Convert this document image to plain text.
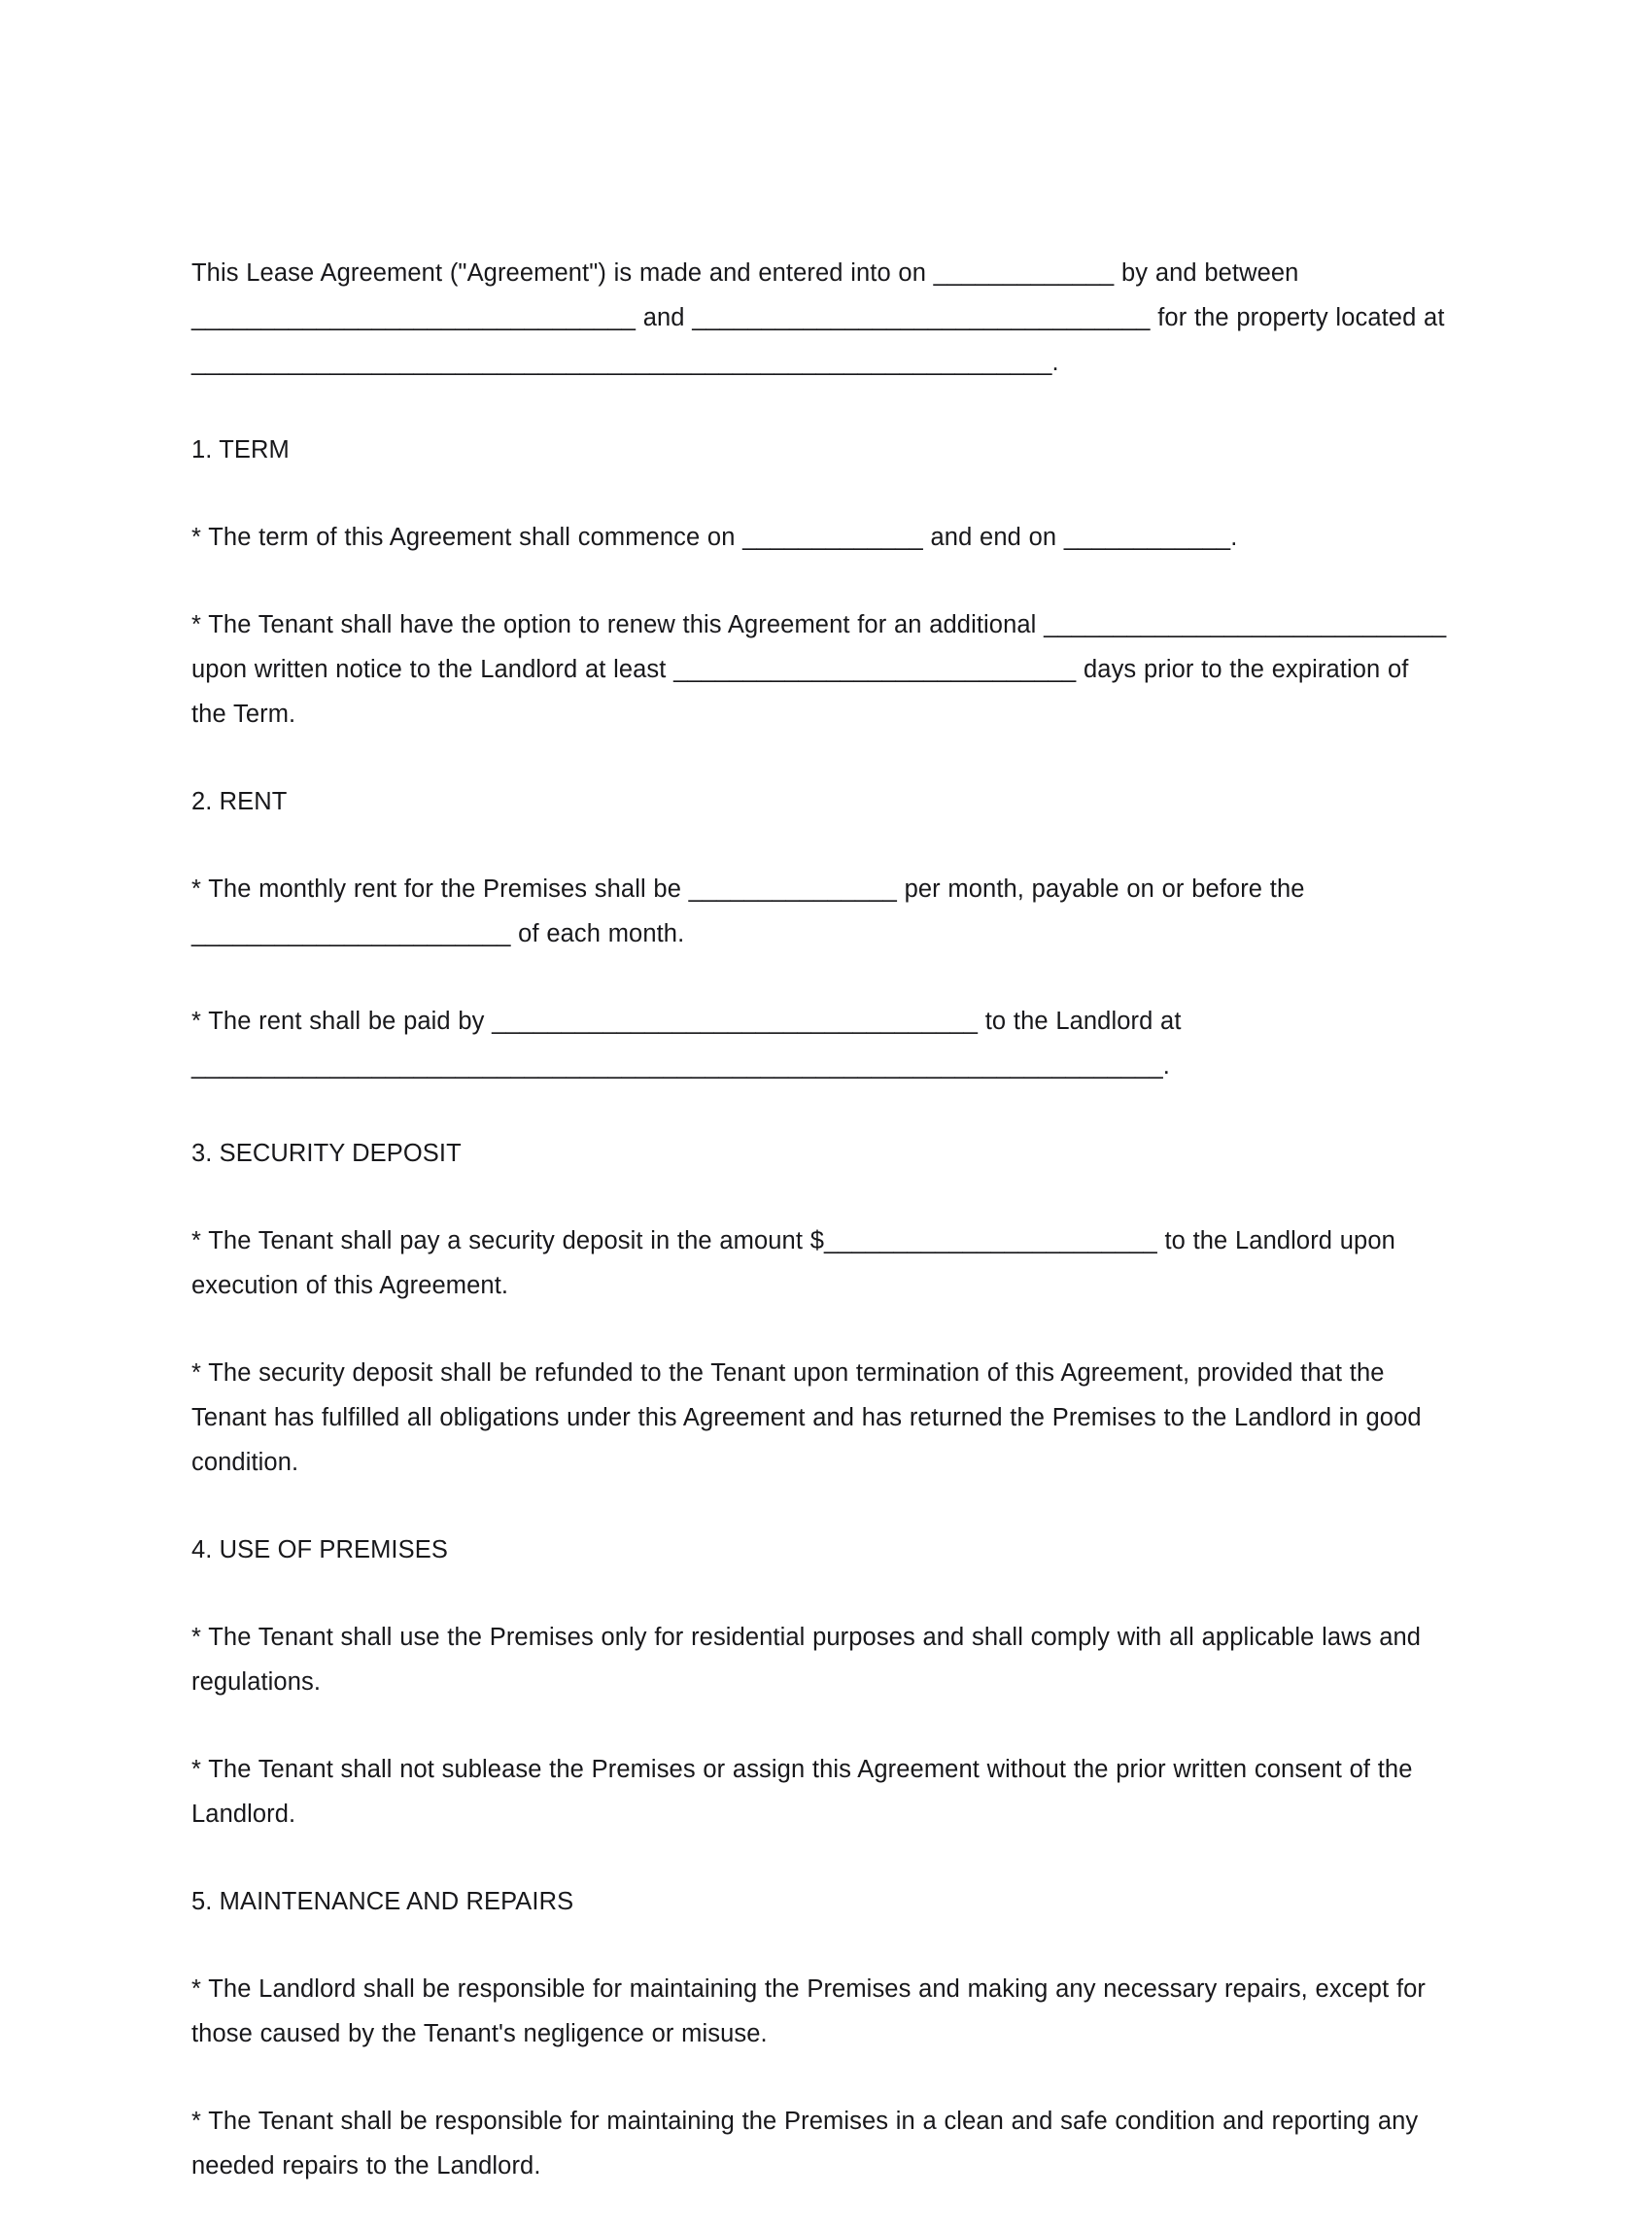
This Lease Agreement ("Agreement") is made and entered into on _____________ by and between ________________________________ and _________________________________ for the property located at ______________________________________________________________.

1. TERM

* The term of this Agreement shall commence on _____________ and end on ____________.

* The Tenant shall have the option to renew this Agreement for an additional _____________________________ upon written notice to the Landlord at least _____________________________ days prior to the expiration of the Term.

2. RENT

* The monthly rent for the Premises shall be _______________ per month, payable on or before the _______________________ of each month.

* The rent shall be paid by ___________________________________ to the Landlord at ______________________________________________________________________.

3. SECURITY DEPOSIT

* The Tenant shall pay a security deposit in the amount $________________________ to the Landlord upon execution of this Agreement.

* The security deposit shall be refunded to the Tenant upon termination of this Agreement, provided that the Tenant has fulfilled all obligations under this Agreement and has returned the Premises to the Landlord in good condition.

4. USE OF PREMISES

* The Tenant shall use the Premises only for residential purposes and shall comply with all applicable laws and regulations.

* The Tenant shall not sublease the Premises or assign this Agreement without the prior written consent of the Landlord.

5. MAINTENANCE AND REPAIRS

* The Landlord shall be responsible for maintaining the Premises and making any necessary repairs, except for those caused by the Tenant's negligence or misuse.

* The Tenant shall be responsible for maintaining the Premises in a clean and safe condition and reporting any needed repairs to the Landlord.
